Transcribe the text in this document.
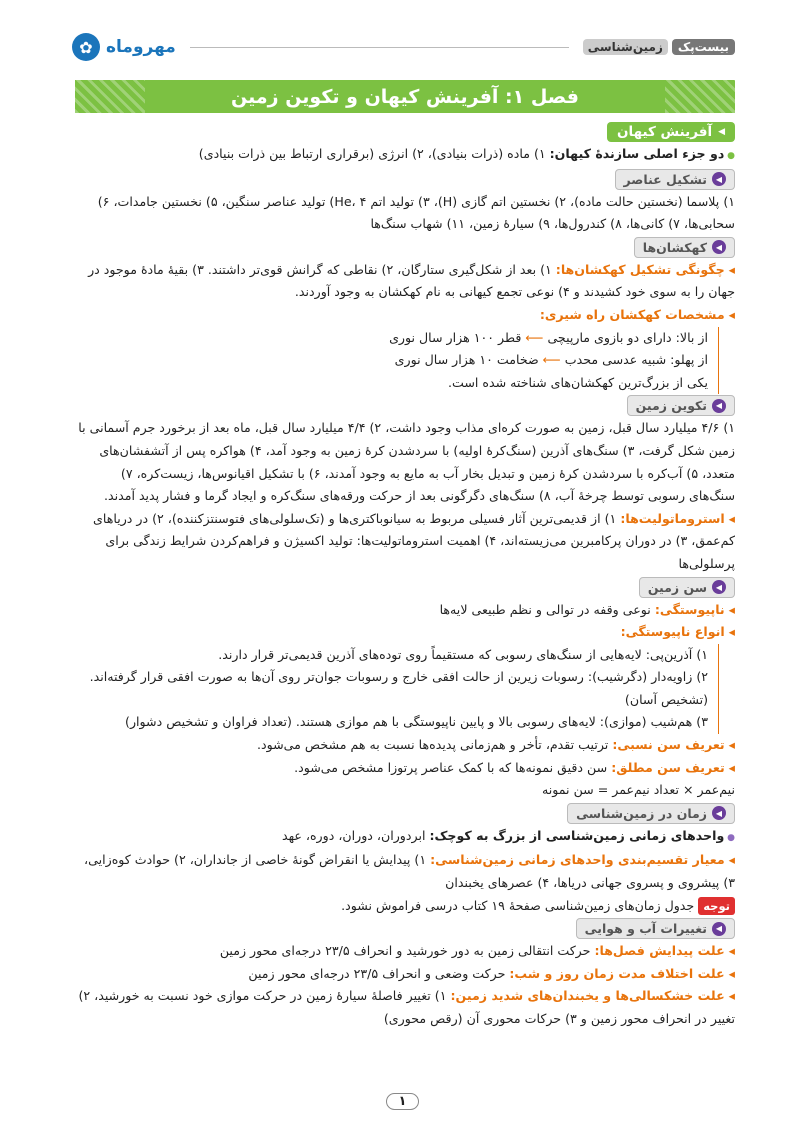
✿ مهروماه	زمین‌شناسی	بیست‌پک
فصل ۱: آفرینش کیهان و تکوین زمین
◀ آفرینش کیهان

● دو جزء اصلی سازندهٔ کیهان: ۱) ماده (ذرات بنیادی)، ۲) انرژی (برقراری ارتباط بین ذرات بنیادی)

◀
تشکیل عناصر

۱) پلاسما (نخستین حالت ماده)، ۲) نخستین اتم گازی (H)، ۳) تولید اتم He، ۴) تولید عناصر سنگین، ۵) نخستین جامدات، ۶) سحابی‌ها، ۷) کانی‌ها، ۸) کندرول‌ها، ۹) سیارهٔ زمین، ۱۱) شهاب سنگ‌ها

◀
کهکشان‌ها

◂ چگونگی تشکیل کهکشان‌ها: ۱) بعد از شکل‌گیری ستارگان، ۲) نقاطی که گرانش قوی‌تر داشتند. ۳) بقیهٔ مادهٔ موجود در جهان را به سوی خود کشیدند و ۴) نوعی تجمع کیهانی به نام کهکشان به وجود آوردند.

◂ مشخصات کهکشان راه شیری:

از بالا: دارای دو بازوی مارپیچی ⟵ قطر ۱۰۰ هزار سال نوری

از پهلو: شبیه عدسی محدب ⟵ ضخامت ۱۰ هزار سال نوری

یکی از بزرگ‌ترین کهکشان‌های شناخته شده است.

◀
تکوین زمین

۱) ۴/۶ میلیارد سال قبل، زمین به صورت کره‌ای مذاب وجود داشت، ۲) ۴/۴ میلیارد سال قبل، ماه بعد از برخورد جرم آسمانی با زمین شکل گرفت، ۳) سنگ‌های آذرین (سنگ‌کرهٔ اولیه) با سردشدن کرهٔ زمین به وجود آمد، ۴) هواکره پس از آتشفشان‌های متعدد، ۵) آب‌کره با سردشدن کرهٔ زمین و تبدیل بخار آب به مایع به وجود آمدند، ۶) با تشکیل اقیانوس‌ها، زیست‌کره، ۷) سنگ‌های رسوبی توسط چرخهٔ آب، ۸) سنگ‌های دگرگونی بعد از حرکت ورقه‌های سنگ‌کره و ایجاد گرما و فشار پدید آمدند.

◂ استروماتولیت‌ها: ۱) از قدیمی‌ترین آثار فسیلی مربوط به سیانوباکتری‌ها و (تک‌سلولی‌های فتوسنتزکننده)، ۲) در دریاهای کم‌عمق، ۳) در دوران پرکامبرین می‌زیسته‌اند، ۴) اهمیت استروماتولیت‌ها: تولید اکسیژن و فراهم‌کردن شرایط زندگی برای پرسلولی‌ها

◀
سن زمین

◂ ناپیوستگی: نوعی وقفه در توالی و نظم طبیعی لایه‌ها

◂ انواع ناپیوستگی:

۱) آذرین‌پی: لایه‌هایی از سنگ‌های رسوبی که مستقیماً روی توده‌های آذرین قدیمی‌تر قرار دارند.

۲) زاویه‌دار (دگرشیب): رسوبات زیرین از حالت افقی خارج و رسوبات جوان‌تر روی آن‌ها به صورت افقی قرار گرفته‌اند. (تشخیص آسان)

۳) هم‌شیب (موازی): لایه‌های رسوبی بالا و پایین ناپیوستگی با هم موازی هستند. (تعداد فراوان و تشخیص دشوار)

◂ تعریف سن نسبی: ترتیب تقدم، تأخر و هم‌زمانی پدیده‌ها نسبت به هم مشخص می‌شود.

◂ تعریف سن مطلق: سن دقیق نمونه‌ها که با کمک عناصر پرتوزا مشخص می‌شود.

نیم‌عمر × تعداد نیم‌عمر = سن نمونه

◀
زمان در زمین‌شناسی

● واحدهای زمانی زمین‌شناسی از بزرگ به کوچک: ابردوران، دوران، دوره، عهد

◂ معیار تقسیم‌بندی واحدهای زمانی زمین‌شناسی: ۱) پیدایش یا انقراض گونهٔ خاصی از جانداران، ۲) حوادث کوه‌زایی، ۳) پیشروی و پسروی جهانی دریاها، ۴) عصرهای یخبندان

توجهجدول زمان‌های زمین‌شناسی صفحهٔ ۱۹ کتاب درسی فراموش نشود.

◀
تغییرات آب و هوایی

◂ علت پیدایش فصل‌ها: حرکت انتقالی زمین به دور خورشید و انحراف ۲۳/۵ درجه‌ای محور زمین

◂ علت اختلاف مدت زمان روز و شب: حرکت وضعی و انحراف ۲۳/۵ درجه‌ای محور زمین

◂ علت خشکسالی‌ها و یخبندان‌های شدید زمین: ۱) تغییر فاصلهٔ سیارهٔ زمین در حرکت موازی خود نسبت به خورشید، ۲) تغییر در انحراف محور زمین و ۳) حرکات محوری آن (رقص محوری)

۱
